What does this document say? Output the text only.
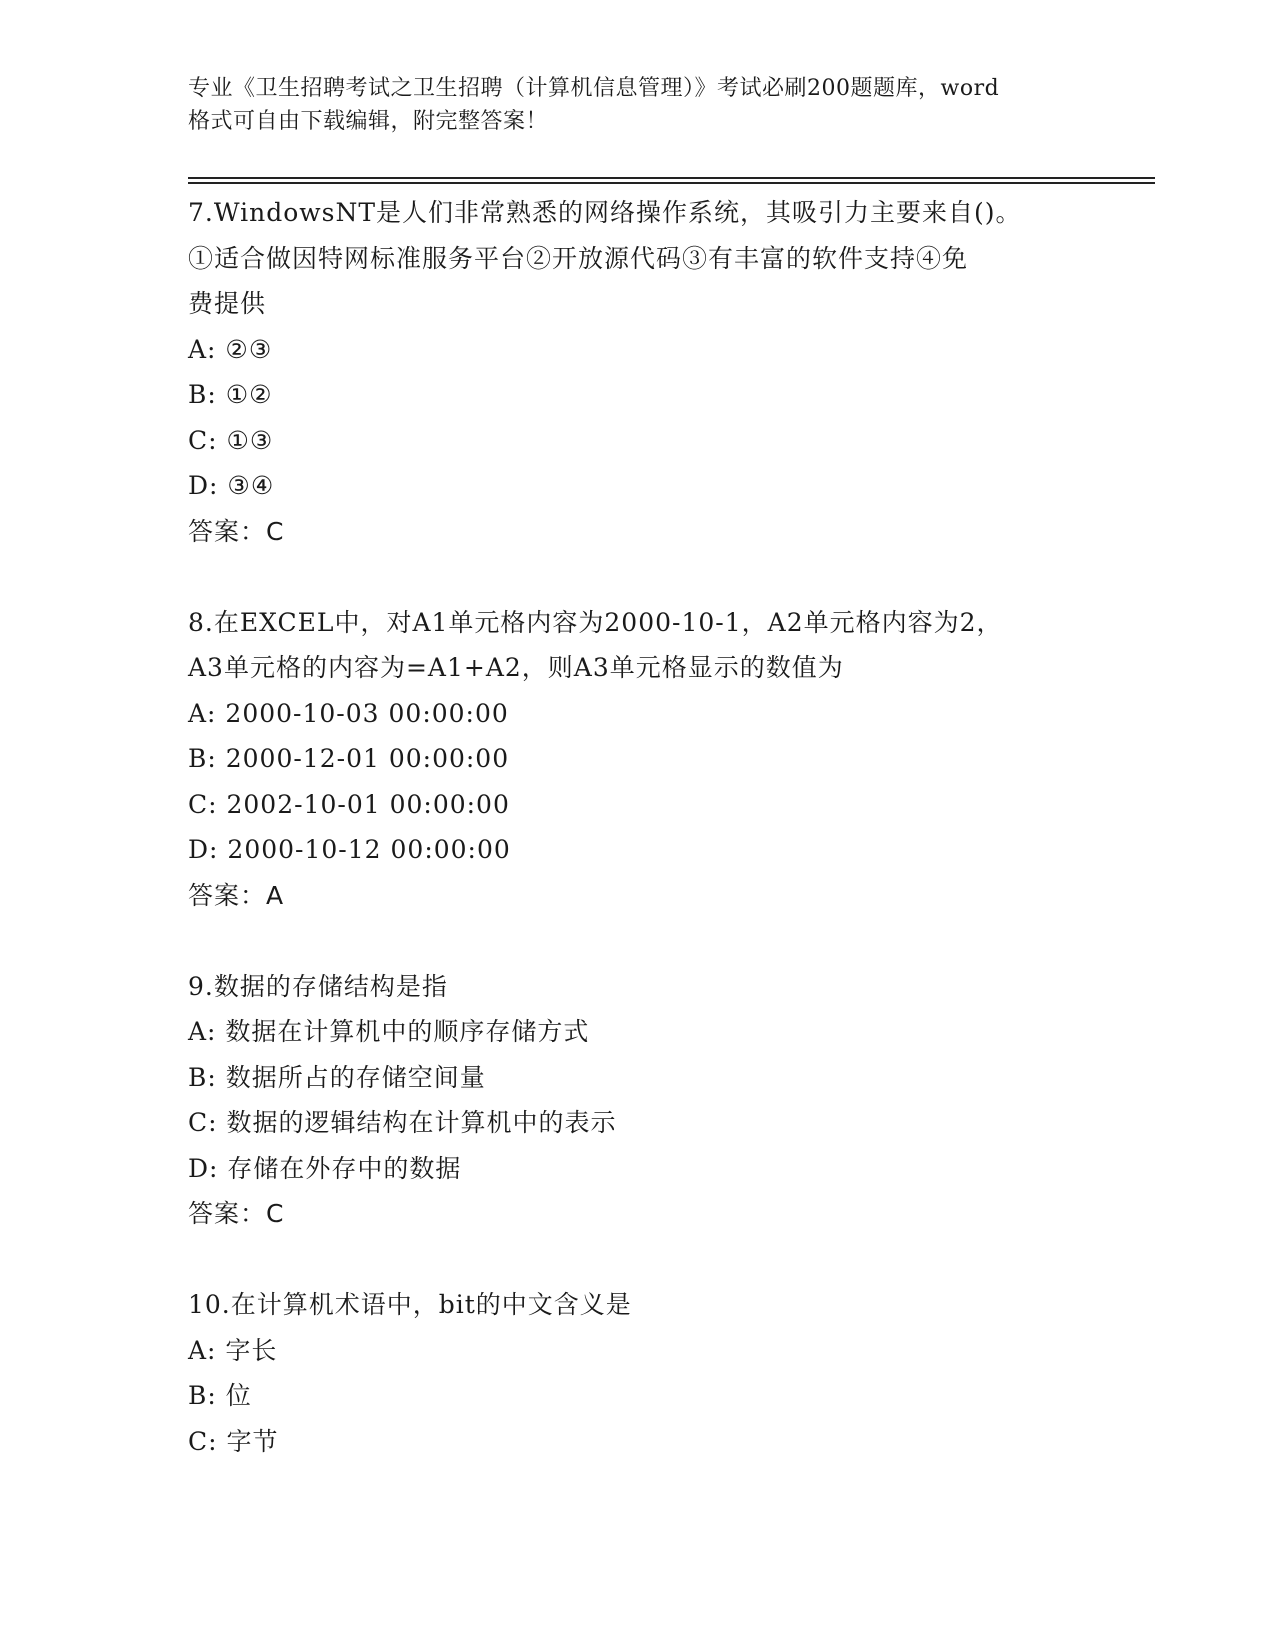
专业《卫生招聘考试之卫生招聘（计算机信息管理）》考试必刷200题题库，word
格式可自由下载编辑，附完整答案！
7.WindowsNT是人们非常熟悉的网络操作系统，其吸引力主要来自()。
①适合做因特网标准服务平台②开放源代码③有丰富的软件支持④免
费提供
A: ②③
B: ①②
C: ①③
D: ③④
答案：C
8.在EXCEL中，对A1单元格内容为2000-10-1，A2单元格内容为2，
A3单元格的内容为=A1+A2，则A3单元格显示的数值为
A: 2000-10-03 00:00:00
B: 2000-12-01 00:00:00
C: 2002-10-01 00:00:00
D: 2000-10-12 00:00:00
答案：A
9.数据的存储结构是指
A: 数据在计算机中的顺序存储方式
B: 数据所占的存储空间量
C: 数据的逻辑结构在计算机中的表示
D: 存储在外存中的数据
答案：C
10.在计算机术语中，bit的中文含义是
A: 字长
B: 位
C: 字节
